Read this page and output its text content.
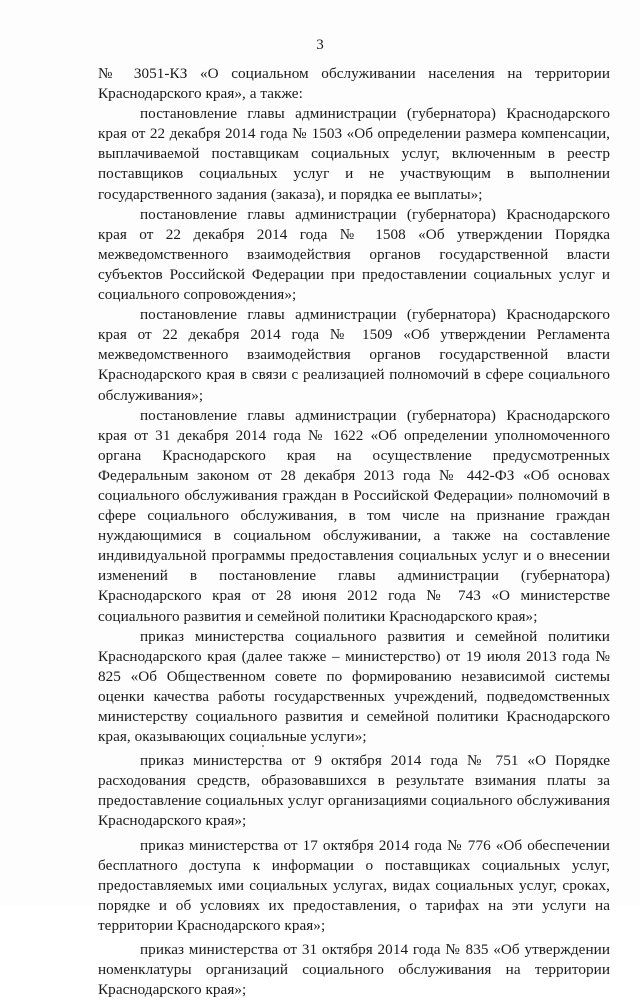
3

№ 3051-КЗ «О социальном обслуживании населения на территории Краснодарского края», а также:

постановление главы администрации (губернатора) Краснодарского края от 22 декабря 2014 года № 1503 «Об определении размера компенсации, выплачиваемой поставщикам социальных услуг, включенным в реестр поставщиков социальных услуг и не участвующим в выполнении государственного задания (заказа), и порядка ее выплаты»;

постановление главы администрации (губернатора) Краснодарского края от 22 декабря 2014 года № 1508 «Об утверждении Порядка межведомственного взаимодействия органов государственной власти субъектов Российской Федерации при предоставлении социальных услуг и социального сопровождения»;

постановление главы администрации (губернатора) Краснодарского края от 22 декабря 2014 года № 1509 «Об утверждении Регламента межведомственного взаимодействия органов государственной власти Краснодарского края в связи с реализацией полномочий в сфере социального обслуживания»;

постановление главы администрации (губернатора) Краснодарского края от 31 декабря 2014 года № 1622 «Об определении уполномоченного органа Краснодарского края на осуществление предусмотренных Федеральным законом от 28 декабря 2013 года № 442-ФЗ «Об основах социального обслуживания граждан в Российской Федерации» полномочий в сфере социального обслуживания, в том числе на признание граждан нуждающимися в социальном обслуживании, а также на составление индивидуальной программы предоставления социальных услуг и о внесении изменений в постановление главы администрации (губернатора) Краснодарского края от 28 июня 2012 года № 743 «О министерстве социального развития и семейной политики Краснодарского края»;

приказ министерства социального развития и семейной политики Краснодарского края (далее также – министерство) от 19 июля 2013 года № 825 «Об Общественном совете по формированию независимой системы оценки качества работы государственных учреждений, подведомственных министерству социального развития и семейной политики Краснодарского края, оказывающих социальные услуги»;

приказ министерства от 9 октября 2014 года № 751 «О Порядке расходования средств, образовавшихся в результате взимания платы за предоставление социальных услуг организациями социального обслуживания Краснодарского края»;

приказ министерства от 17 октября 2014 года № 776 «Об обеспечении бесплатного доступа к информации о поставщиках социальных услуг, предоставляемых ими социальных услугах, видах социальных услуг, сроках, порядке и об условиях их предоставления, о тарифах на эти услуги на территории Краснодарского края»;

приказ министерства от 31 октября 2014 года № 835 «Об утверждении номенклатуры организаций социального обслуживания на территории Краснодарского края»;
